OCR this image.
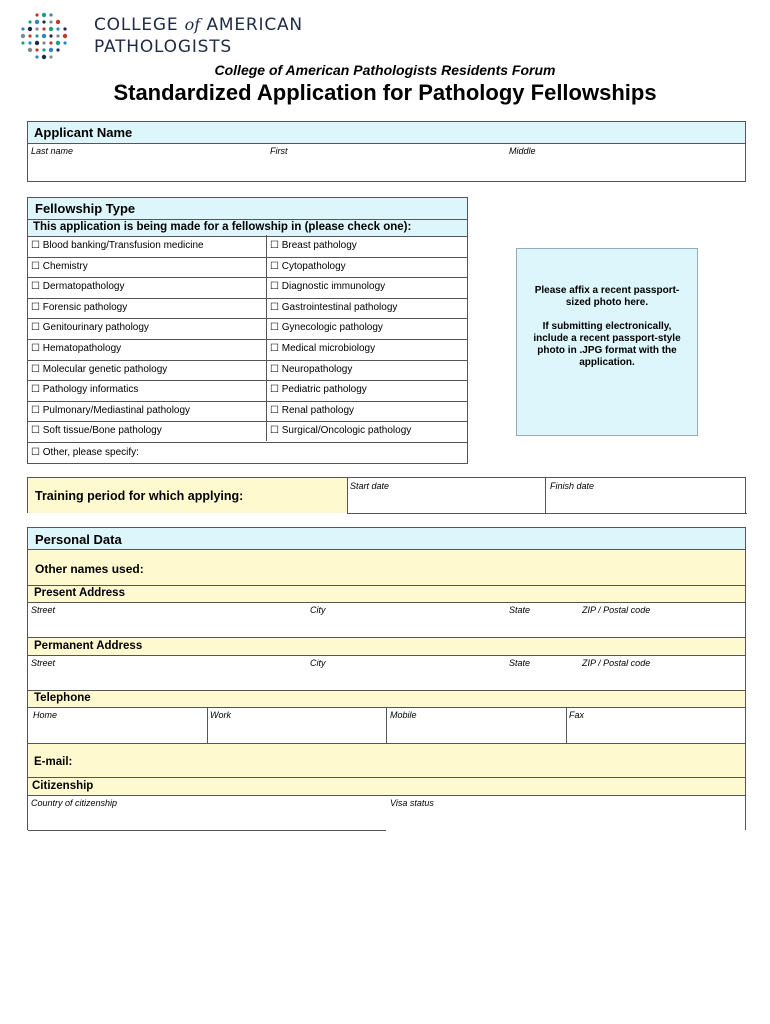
COLLEGE of AMERICAN
PATHOLOGISTS
College of American Pathologists Residents Forum
Standardized Application for Pathology Fellowships
Applicant Name
Last name	First	Middle
Fellowship Type
This application is being made for a fellowship in (please check one):
☐ Blood banking/Transfusion medicine	☐ Breast pathology
☐ Chemistry	☐ Cytopathology
☐ Dermatopathology	☐ Diagnostic immunology
☐ Forensic pathology	☐ Gastrointestinal pathology
☐ Genitourinary pathology	☐ Gynecologic pathology
☐ Hematopathology	☐ Medical microbiology
☐ Molecular genetic pathology	☐ Neuropathology
☐ Pathology informatics	☐ Pediatric pathology
☐ Pulmonary/Mediastinal pathology	☐ Renal pathology
☐ Soft tissue/Bone pathology	☐ Surgical/Oncologic pathology
☐ Other, please specify:

Please affix a recent passport-sized photo here.

If submitting electronically, include a recent passport-style photo in .JPG format with the application.

Training period for which applying:
Start date	Finish date
Personal Data
Other names used:
Present Address
Street	City	State	ZIP / Postal code
Permanent Address
Street	City	State	ZIP / Postal code
Telephone
Home	Work	Mobile	Fax
E-mail:
Citizenship
Country of citizenship	Visa status
